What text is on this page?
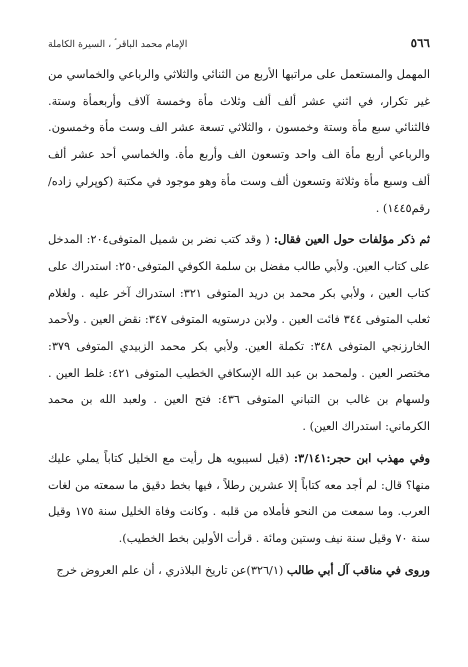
٥٦٦
الإمام محمد الباقر ؑ ، السيرة الكاملة

المهمل والمستعمل على مراتبها الأربع من الثنائي والثلاثي والرباعي والخماسي من غير تكرار، في اثني عشر ألف ألف وثلاث مأة وخمسة آلاف وأربعمأة وستة. فالثنائي سبع مأة وستة وخمسون ، والثلاثي تسعة عشر الف وست مأة وخمسون. والرباعي أربع مأة الف واحد وتسعون الف وأربع مأة. والخماسي أحد عشر ألف ألف وسبع مأة وثلاثة وتسعون ألف وست مأة وهو موجود في مكتبة (كوپرلي زاده/ رقم١٤٤٥) .

ثم ذكر مؤلفات حول العين فقال: ( وقد كتب نضر بن شميل المتوفى٢٠٤: المدخل على كتاب العين. ولأبي طالب مفضل بن سلمة الكوفي المتوفى٢٥٠: استدراك على كتاب العين ، ولأبي بكر محمد بن دريد المتوفى ٣٢١: استدراك آخر عليه . ولغلام ثعلب المتوفى ٣٤٤ فائت العين . ولابن درستويه المتوفى ٣٤٧: نقض العين . ولأحمد الخارزنجي المتوفى ٣٤٨: تكملة العين. ولأبي بكر محمد الزبيدي المتوفى ٣٧٩: مختصر العين . ولمحمد بن عبد الله الإسكافي الخطيب المتوفى ٤٢١: غلط العين . ولسهام بن غالب بن التباني المتوفى ٤٣٦: فتح العين . ولعبد الله بن محمد الكرماني: استدراك العين) .

وفي مهذب ابن حجر:٣/١٤١: (قيل لسيبويه هل رأيت مع الخليل كتاباً يملي عليك منها؟ قال: لم أجد معه كتاباً إلا عشرين رطلاً ، فيها بخط دقيق ما سمعته من لغات العرب. وما سمعت من النحو فأملاه من قلبه . وكانت وفاة الخليل سنة ١٧٥ وقيل سنة ٧٠ وقيل سنة نيف وستين ومائة . قرأت الأولين بخط الخطيب).

وروى في مناقب آل أبي طالب (٣٢٦/١)عن تاريخ البلاذري ، أن علم العروض خرج
